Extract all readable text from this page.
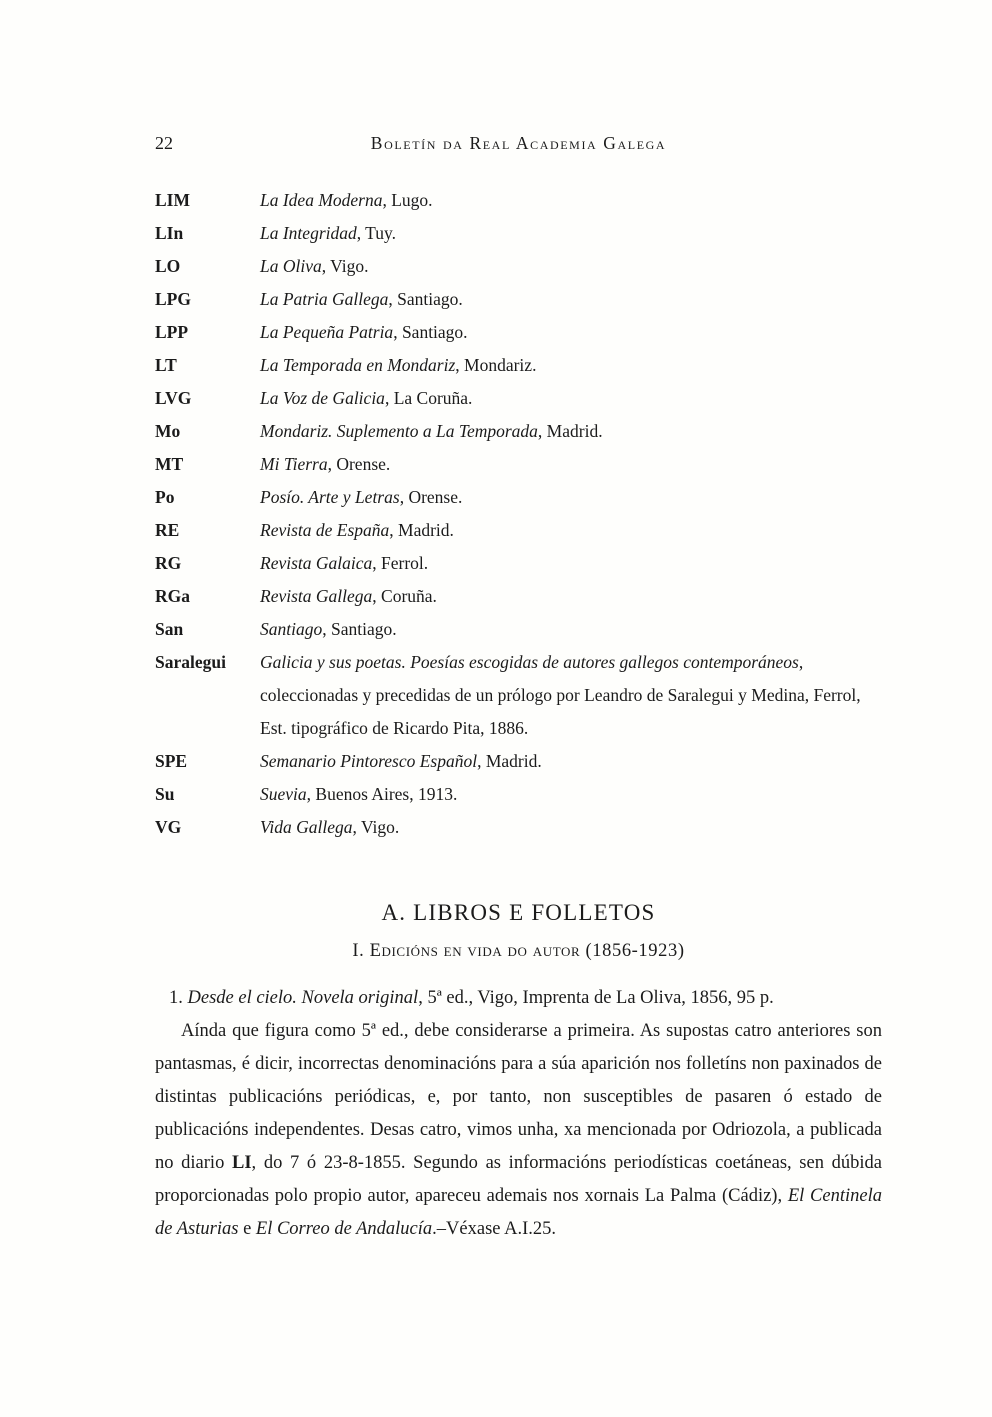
22	Boletín da Real Academia Galega
LIM	La Idea Moderna, Lugo.
LIn	La Integridad, Tuy.
LO	La Oliva, Vigo.
LPG	La Patria Gallega, Santiago.
LPP	La Pequeña Patria, Santiago.
LT	La Temporada en Mondariz, Mondariz.
LVG	La Voz de Galicia, La Coruña.
Mo	Mondariz. Suplemento a La Temporada, Madrid.
MT	Mi Tierra, Orense.
Po	Posío. Arte y Letras, Orense.
RE	Revista de España, Madrid.
RG	Revista Galaica, Ferrol.
RGa	Revista Gallega, Coruña.
San	Santiago, Santiago.
Saralegui	Galicia y sus poetas. Poesías escogidas de autores gallegos contemporáneos, coleccionadas y precedidas de un prólogo por Leandro de Saralegui y Medina, Ferrol, Est. tipográfico de Ricardo Pita, 1886.
SPE	Semanario Pintoresco Español, Madrid.
Su	Suevia, Buenos Aires, 1913.
VG	Vida Gallega, Vigo.
A. LIBROS E FOLLETOS
I. Edicións en vida do autor (1856-1923)
1. Desde el cielo. Novela original, 5ª ed., Vigo, Imprenta de La Oliva, 1856, 95 p.
Aínda que figura como 5ª ed., debe considerarse a primeira. As supostas catro anteriores son pantasmas, é dicir, incorrectas denominacións para a súa aparición nos folletíns non paxinados de distintas publicacións periódicas, e, por tanto, non susceptibles de pasaren ó estado de publicacións independentes. Desas catro, vimos unha, xa mencionada por Odriozola, a publicada no diario LI, do 7 ó 23-8-1855. Segundo as informacións periodísticas coetáneas, sen dúbida proporcionadas polo propio autor, apareceu ademais nos xornais La Palma (Cádiz), El Centinela de Asturias e El Correo de Andalucía.–Véxase A.I.25.
